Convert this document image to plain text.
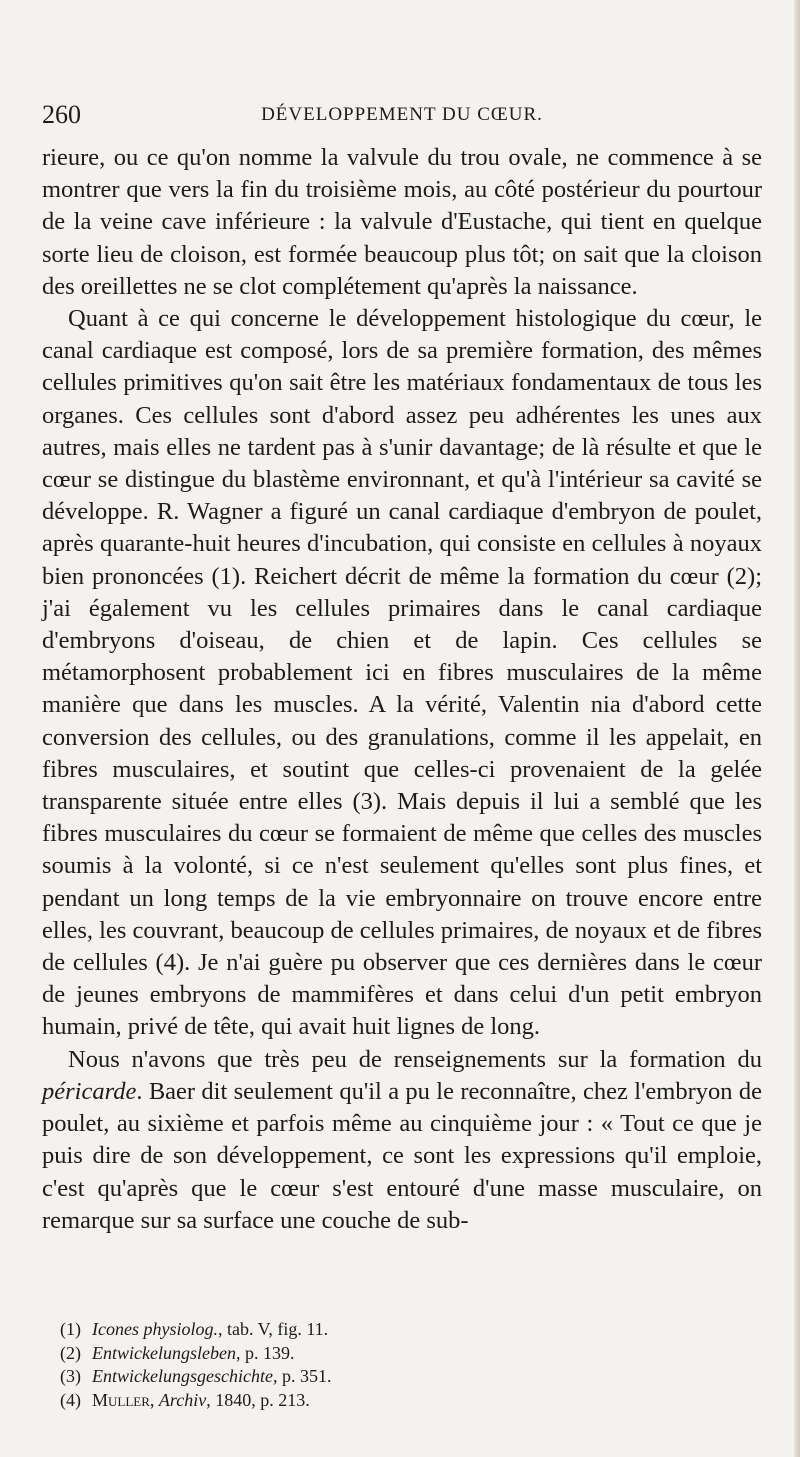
260	DÉVELOPPEMENT DU CŒUR.

rieure, ou ce qu'on nomme la valvule du trou ovale, ne commence à se montrer que vers la fin du troisième mois, au côté postérieur du pourtour de la veine cave inférieure : la valvule d'Eustache, qui tient en quelque sorte lieu de cloison, est formée beaucoup plus tôt; on sait que la cloison des oreillettes ne se clot complétement qu'après la naissance.

Quant à ce qui concerne le développement histologique du cœur, le canal cardiaque est composé, lors de sa première formation, des mêmes cellules primitives qu'on sait être les matériaux fondamentaux de tous les organes. Ces cellules sont d'abord assez peu adhérentes les unes aux autres, mais elles ne tardent pas à s'unir davantage; de là résulte et que le cœur se distingue du blastème environnant, et qu'à l'intérieur sa cavité se développe. R. Wagner a figuré un canal cardiaque d'embryon de poulet, après quarante-huit heures d'incubation, qui consiste en cellules à noyaux bien prononcées (1). Reichert décrit de même la formation du cœur (2); j'ai également vu les cellules primaires dans le canal cardiaque d'embryons d'oiseau, de chien et de lapin. Ces cellules se métamorphosent probablement ici en fibres musculaires de la même manière que dans les muscles. A la vérité, Valentin nia d'abord cette conversion des cellules, ou des granulations, comme il les appelait, en fibres musculaires, et soutint que celles-ci provenaient de la gelée transparente située entre elles (3). Mais depuis il lui a semblé que les fibres musculaires du cœur se formaient de même que celles des muscles soumis à la volonté, si ce n'est seulement qu'elles sont plus fines, et pendant un long temps de la vie embryonnaire on trouve encore entre elles, les couvrant, beaucoup de cellules primaires, de noyaux et de fibres de cellules (4). Je n'ai guère pu observer que ces dernières dans le cœur de jeunes embryons de mammifères et dans celui d'un petit embryon humain, privé de tête, qui avait huit lignes de long.

Nous n'avons que très peu de renseignements sur la formation du péricarde. Baer dit seulement qu'il a pu le reconnaître, chez l'embryon de poulet, au sixième et parfois même au cinquième jour : « Tout ce que je puis dire de son développement, ce sont les expressions qu'il emploie, c'est qu'après que le cœur s'est entouré d'une masse musculaire, on remarque sur sa surface une couche de sub-

(1) Icones physiolog., tab. V, fig. 11.
(2) Entwickelungsleben, p. 139.
(3) Entwickelungsgeschichte, p. 351.
(4) Muller, Archiv, 1840, p. 213.
